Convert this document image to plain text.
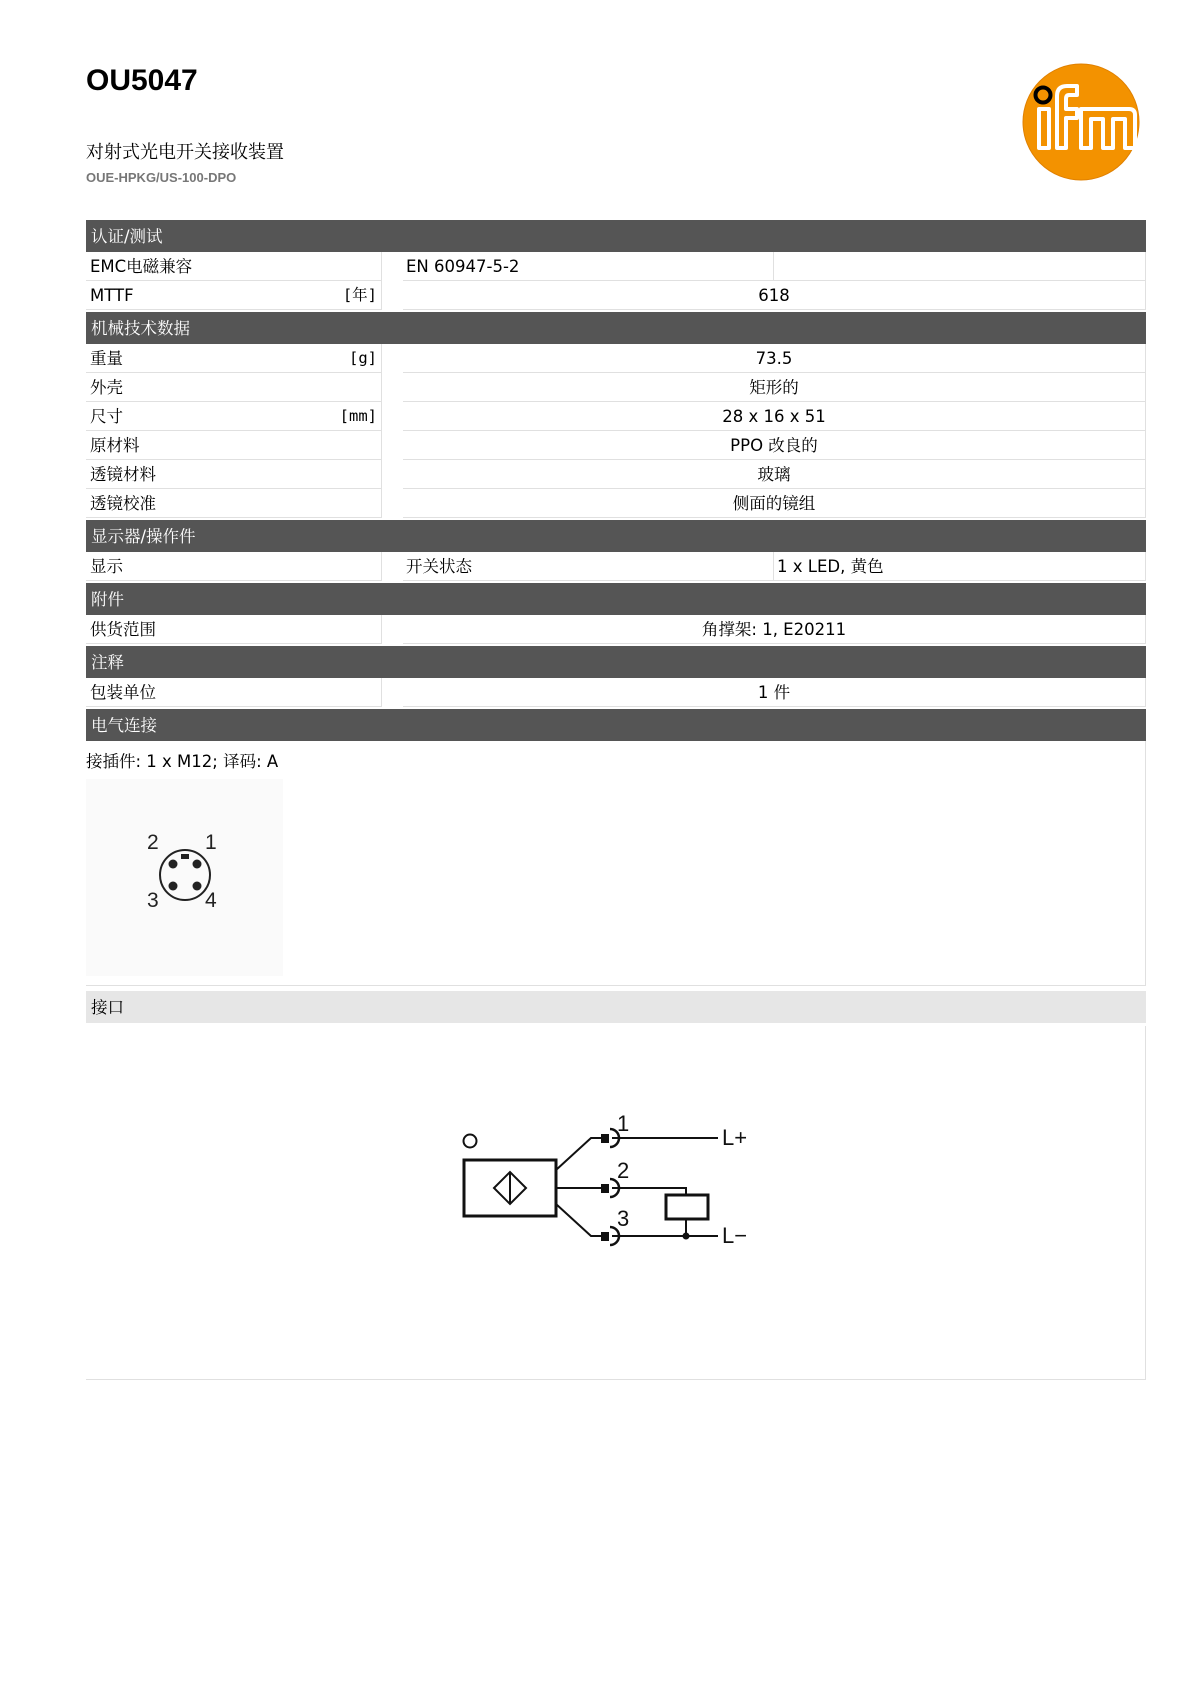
OU5047
对射式光电开关接收装置
OUE-HPKG/US-100-DPO
认证/测试
EMC电磁兼容	EN 60947-5-2
MTTF	[年]	618
机械技术数据
重量	[g]	73.5
外壳	矩形的
尺寸	[mm]	28 x 16 x 51
原材料	PPO 改良的
透镜材料	玻璃
透镜校准	侧面的镜组
显示器/操作件
显示	开关状态	1 x LED, 黄色
附件
供货范围	角撑架: 1, E20211
注释
包装单位	1 件
电气连接
接插件: 1 x M12; 译码: A
1
2
3 4
接口
1
2
3
L+
L−
